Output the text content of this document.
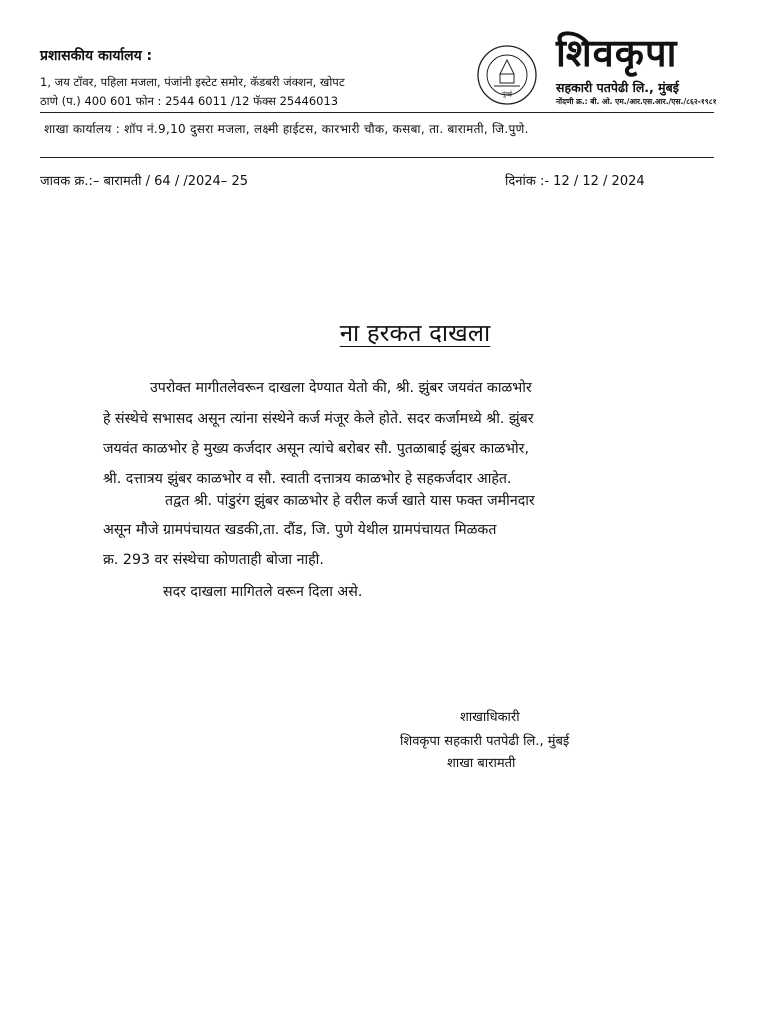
प्रशासकीय कार्यालय :
1, जय टॉवर, पहिला मजला, पंजांनी इस्टेट समोर, कॅडबरी जंक्शन, खोपट
ठाणे (प.) 400 601 फोन : 2544 6011 /12 फॅक्स 25446013	मुंबई
शिवकृपा
सहकारी पतपेढी लि., मुंबई
नोंदणी क्र.: बी. ओ. एम./आर.एस.आर./एस./८६२-१९८१
शाखा कार्यालय : शॉप नं.9,10 दुसरा मजला, लक्ष्मी हाईटस, कारभारी चौक, कसबा, ता. बारामती, जि.पुणे.
जावक क्र.:– बारामती / 64 / /2024– 25	दिनांक :- 12 / 12 / 2024
ना हरकत दाखला
उपरोक्त मागीतलेवरून दाखला देण्यात येतो की, श्री. झुंबर जयवंत काळभोर
हे संस्थेचे सभासद असून त्यांना संस्थेने कर्ज मंजूर केले होते. सदर कर्जामध्ये श्री. झुंबर
जयवंत काळभोर हे मुख्य कर्जदार असून त्यांचे बरोबर सौ. पुतळाबाई झुंबर काळभोर,
श्री. दत्तात्रय झुंबर काळभोर व सौ. स्वाती दत्तात्रय काळभोर हे सहकर्जदार आहेत.
तद्वत श्री. पांडुरंग झुंबर काळभोर हे वरील कर्ज खाते यास फक्त जमीनदार
असून मौजे ग्रामपंचायत खडकी,ता. दौंड, जि. पुणे येथील ग्रामपंचायत मिळकत
क्र. 293 वर संस्थेचा कोणताही बोजा नाही.
सदर दाखला मागितले वरून दिला असे.
शाखाधिकारी
शिवकृपा सहकारी पतपेढी लि., मुंबई
शाखा बारामती
